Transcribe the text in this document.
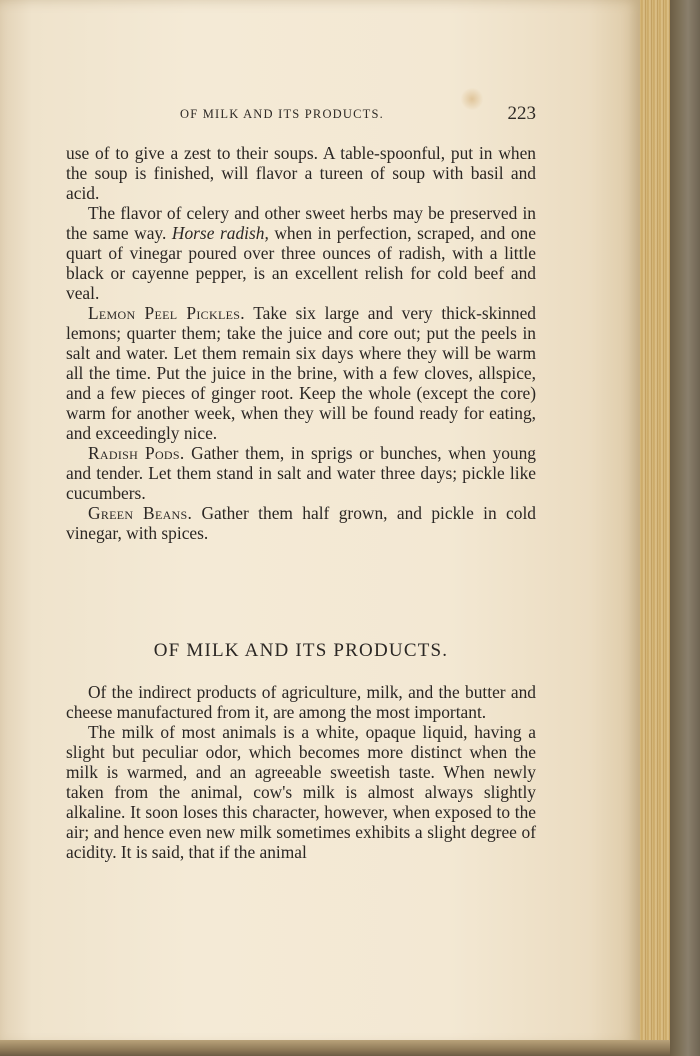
OF MILK AND ITS PRODUCTS.	223

use of to give a zest to their soups. A table-spoonful, put in when the soup is finished, will flavor a tureen of soup with basil and acid.

The flavor of celery and other sweet herbs may be preserved in the same way. Horse radish, when in perfection, scraped, and one quart of vinegar poured over three ounces of radish, with a little black or cayenne pepper, is an excellent relish for cold beef and veal.

Lemon Peel Pickles. Take six large and very thick-skinned lemons; quarter them; take the juice and core out; put the peels in salt and water. Let them remain six days where they will be warm all the time. Put the juice in the brine, with a few cloves, allspice, and a few pieces of ginger root. Keep the whole (except the core) warm for another week, when they will be found ready for eating, and exceedingly nice.

Radish Pods. Gather them, in sprigs or bunches, when young and tender. Let them stand in salt and water three days; pickle like cucumbers.

Green Beans. Gather them half grown, and pickle in cold vinegar, with spices.

OF MILK AND ITS PRODUCTS.

Of the indirect products of agriculture, milk, and the butter and cheese manufactured from it, are among the most important.

The milk of most animals is a white, opaque liquid, having a slight but peculiar odor, which becomes more distinct when the milk is warmed, and an agreeable sweetish taste. When newly taken from the animal, cow's milk is almost always slightly alkaline. It soon loses this character, however, when exposed to the air; and hence even new milk sometimes exhibits a slight degree of acidity. It is said, that if the animal
